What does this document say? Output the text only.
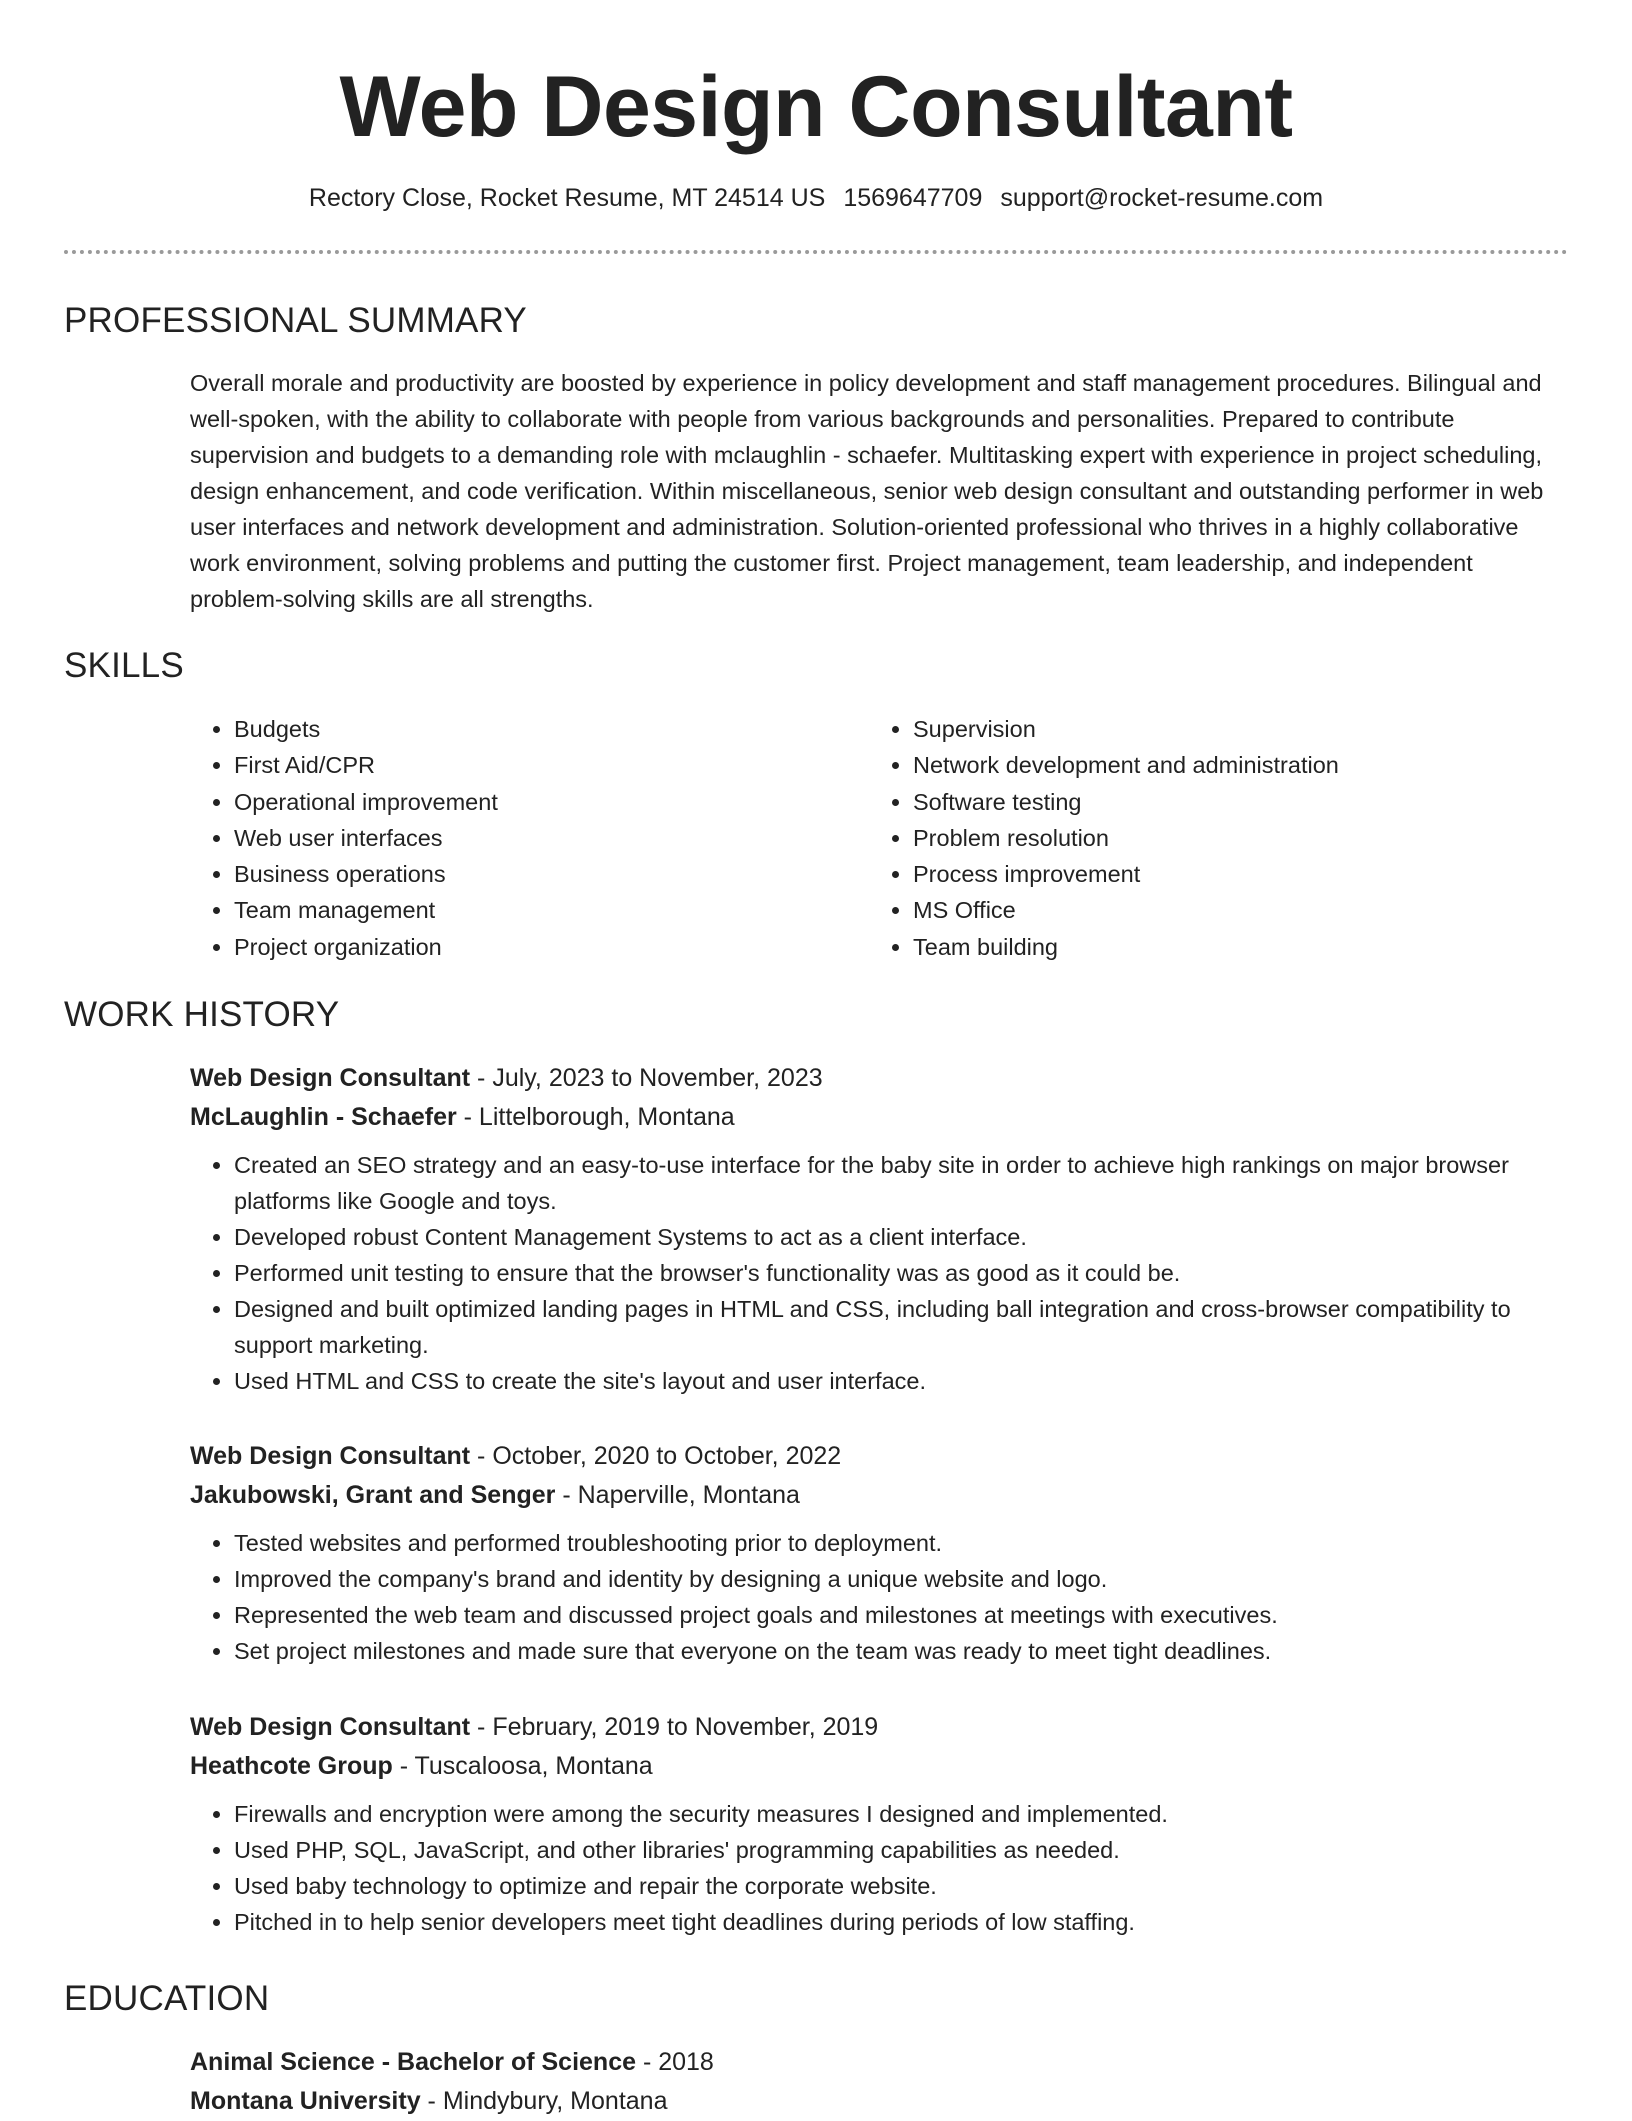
Web Design Consultant
Rectory Close, Rocket Resume, MT 24514 US 1569647709 support@rocket-resume.com
PROFESSIONAL SUMMARY

Overall morale and productivity are boosted by experience in policy development and staff management procedures. Bilingual and well-spoken, with the ability to collaborate with people from various backgrounds and personalities. Prepared to contribute supervision and budgets to a demanding role with mclaughlin - schaefer. Multitasking expert with experience in project scheduling, design enhancement, and code verification. Within miscellaneous, senior web design consultant and outstanding performer in web user interfaces and network development and administration. Solution-oriented professional who thrives in a highly collaborative work environment, solving problems and putting the customer first. Project management, team leadership, and independent problem-solving skills are all strengths.

SKILLS
• Budgets
• First Aid/CPR
• Operational improvement
• Web user interfaces
• Business operations
• Team management
• Project organization
• Supervision
• Network development and administration
• Software testing
• Problem resolution
• Process improvement
• MS Office
• Team building
WORK HISTORY
Web Design Consultant - July, 2023 to November, 2023
McLaughlin - Schaefer - Littelborough, Montana
• Created an SEO strategy and an easy-to-use interface for the baby site in order to achieve high rankings on major browser platforms like Google and toys.
• Developed robust Content Management Systems to act as a client interface.
• Performed unit testing to ensure that the browser's functionality was as good as it could be.
• Designed and built optimized landing pages in HTML and CSS, including ball integration and cross-browser compatibility to support marketing.
• Used HTML and CSS to create the site's layout and user interface.
Web Design Consultant - October, 2020 to October, 2022
Jakubowski, Grant and Senger - Naperville, Montana
• Tested websites and performed troubleshooting prior to deployment.
• Improved the company's brand and identity by designing a unique website and logo.
• Represented the web team and discussed project goals and milestones at meetings with executives.
• Set project milestones and made sure that everyone on the team was ready to meet tight deadlines.
Web Design Consultant - February, 2019 to November, 2019
Heathcote Group - Tuscaloosa, Montana
• Firewalls and encryption were among the security measures I designed and implemented.
• Used PHP, SQL, JavaScript, and other libraries' programming capabilities as needed.
• Used baby technology to optimize and repair the corporate website.
• Pitched in to help senior developers meet tight deadlines during periods of low staffing.
EDUCATION
Animal Science - Bachelor of Science - 2018
Montana University - Mindybury, Montana
